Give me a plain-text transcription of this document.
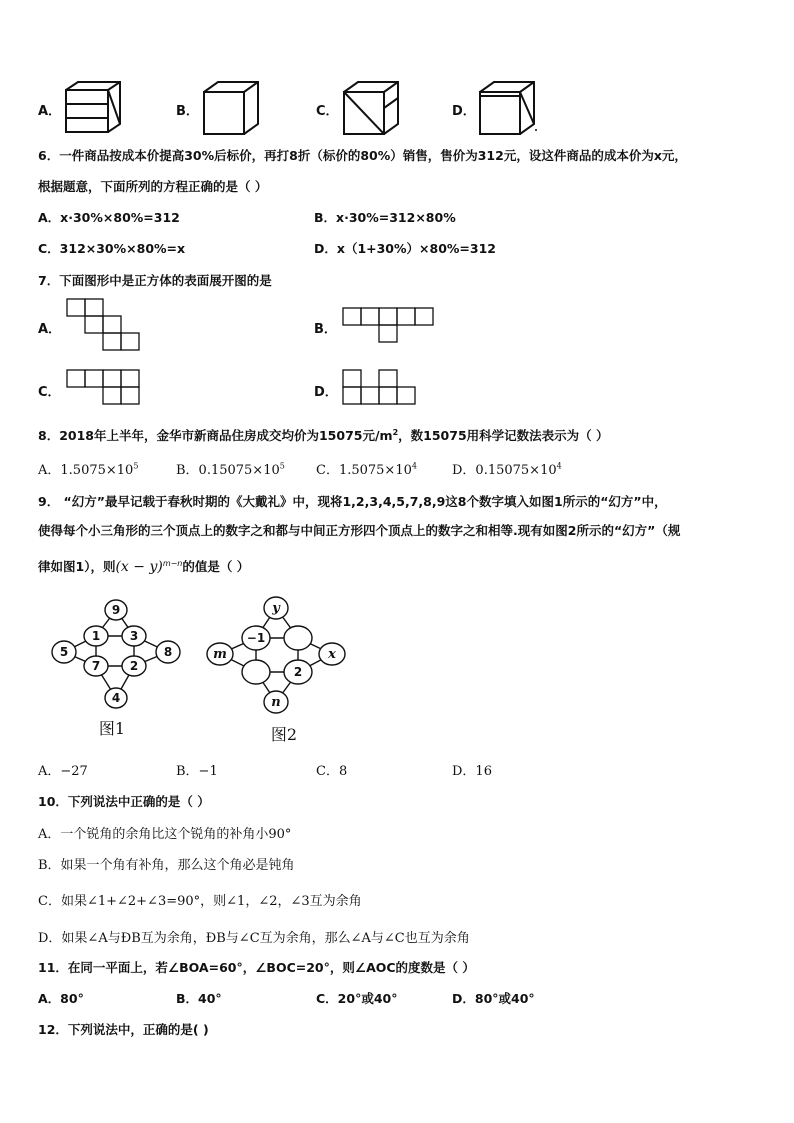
A．	B．	C．	D．
6．一件商品按成本价提高30%后标价，再打8折（标价的80%）销售，售价为312元，设这件商品的成本价为x元，
根据题意，下面所列的方程正确的是（ ）
A．x·30%×80%=312	B．x·30%=312×80%
C．312×30%×80%=x	D．x（1+30%）×80%=312
7．下面图形中是正方体的表面展开图的是
A．	B．
C．	D．
8．2018年上半年，金华市新商品住房成交均价为15075元$/m^2$，数15075用科学记数法表示为（ ）
A．$1.5075\times 10^5$	B．$0.15075\times 10^5$ C．$1.5075\times 10^4$	D．$0.15075\times 10^4$
9． “幻方”最早记载于春秋时期的《大戴礼》中，现将1,2,3,4,5,7,8,9这8个数字填入如图1所示的“幻方”中，
使得每个小三角形的三个顶点上的数字之和都与中间正方形四个顶点上的数字之和相等.现有如图2所示的“幻方”（规
律如图1），则$(x - y)^{m-n}$的值是（ ）
9
1 3
5	8
7 2
4
图1
y
m	x
n
−1
2
图2
A．−27	B．−1	C．8	D．16
10．下列说法中正确的是（ ）
A．一个锐角的余角比这个锐角的补角小90°
B．如果一个角有补角，那么这个角必是钝角
C．如果∠1+∠2+∠3=90°，则∠1，∠2，∠3互为余角
D．如果∠A与ÐB互为余角，ÐB与∠C互为余角，那么∠A与∠C也互为余角
11．在同一平面上，若∠BOA=60°，∠BOC=20°，则∠AOC的度数是（ ）
A．80°	B．40°	C．20°或40°	D．80°或40°
12．下列说法中，正确的是( )
